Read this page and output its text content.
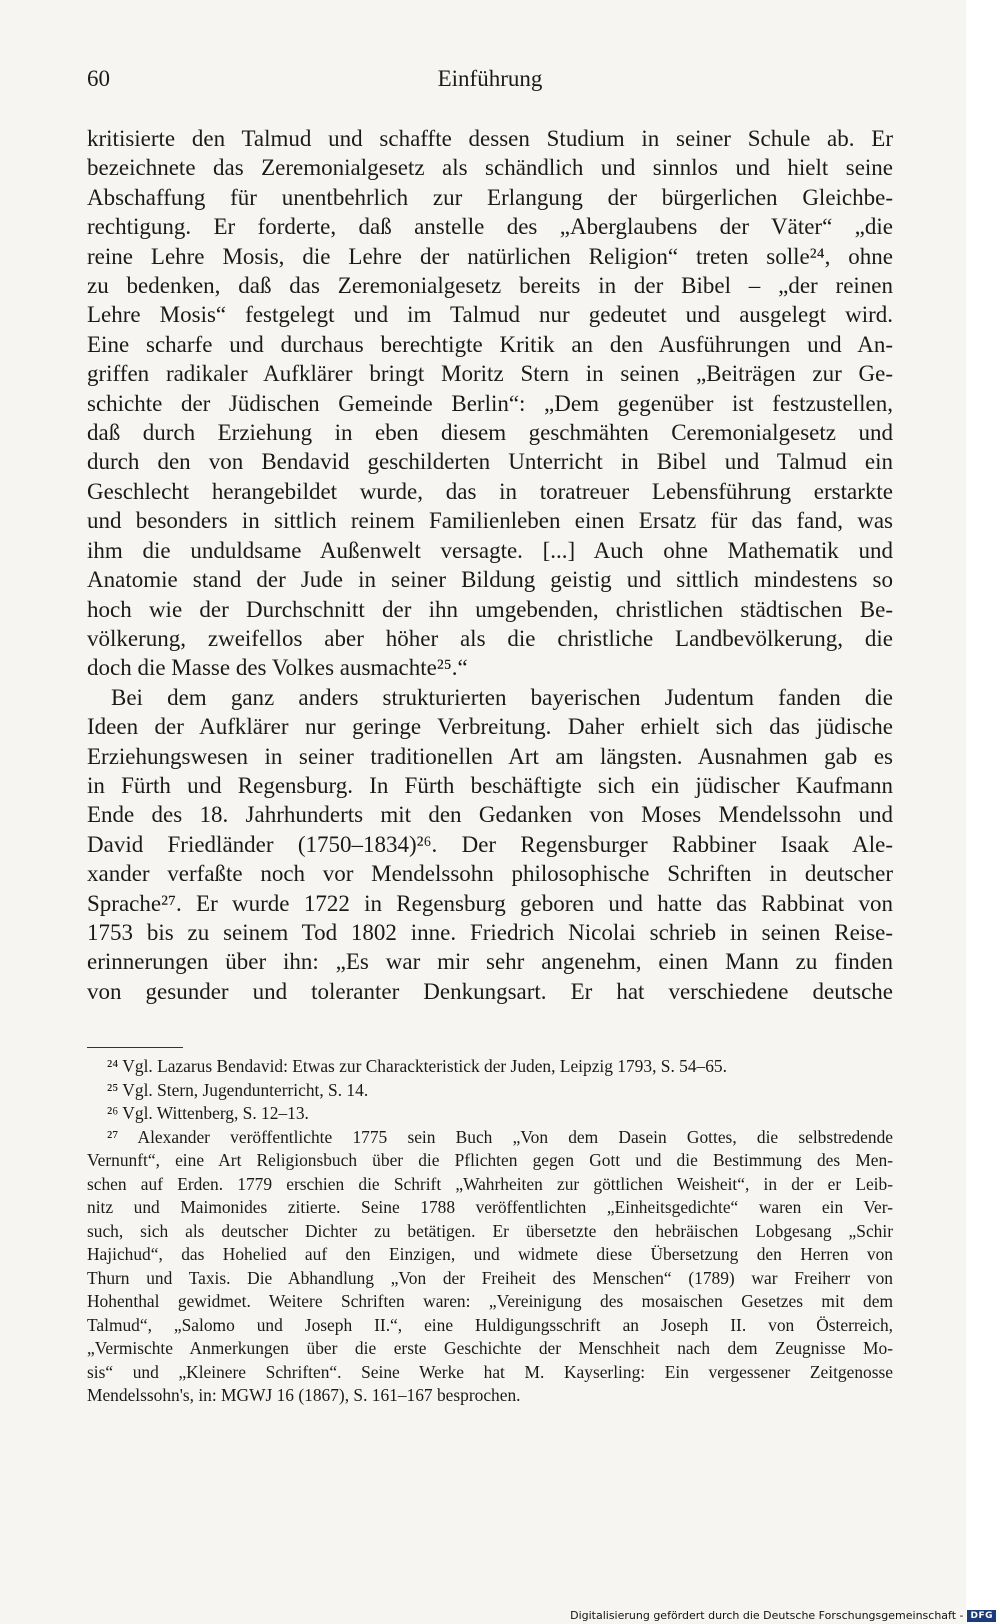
60	Einführung
kritisierte den Talmud und schaffte dessen Studium in seiner Schule ab. Er
bezeichnete das Zeremonialgesetz als schändlich und sinnlos und hielt seine
Abschaffung für unentbehrlich zur Erlangung der bürgerlichen Gleichbe-
rechtigung. Er forderte, daß anstelle des „Aberglaubens der Väter“ „die
reine Lehre Mosis, die Lehre der natürlichen Religion“ treten solle²⁴, ohne
zu bedenken, daß das Zeremonialgesetz bereits in der Bibel – „der reinen
Lehre Mosis“ festgelegt und im Talmud nur gedeutet und ausgelegt wird.
Eine scharfe und durchaus berechtigte Kritik an den Ausführungen und An-
griffen radikaler Aufklärer bringt Moritz Stern in seinen „Beiträgen zur Ge-
schichte der Jüdischen Gemeinde Berlin“: „Dem gegenüber ist festzustellen,
daß durch Erziehung in eben diesem geschmähten Ceremonialgesetz und
durch den von Bendavid geschilderten Unterricht in Bibel und Talmud ein
Geschlecht herangebildet wurde, das in toratreuer Lebensführung erstarkte
und besonders in sittlich reinem Familienleben einen Ersatz für das fand, was
ihm die unduldsame Außenwelt versagte. [...] Auch ohne Mathematik und
Anatomie stand der Jude in seiner Bildung geistig und sittlich mindestens so
hoch wie der Durchschnitt der ihn umgebenden, christlichen städtischen Be-
völkerung, zweifellos aber höher als die christliche Landbevölkerung, die
doch die Masse des Volkes ausmachte²⁵.“
Bei dem ganz anders strukturierten bayerischen Judentum fanden die
Ideen der Aufklärer nur geringe Verbreitung. Daher erhielt sich das jüdische
Erziehungswesen in seiner traditionellen Art am längsten. Ausnahmen gab es
in Fürth und Regensburg. In Fürth beschäftigte sich ein jüdischer Kaufmann
Ende des 18. Jahrhunderts mit den Gedanken von Moses Mendelssohn und
David Friedländer (1750–1834)²⁶. Der Regensburger Rabbiner Isaak Ale-
xander verfaßte noch vor Mendelssohn philosophische Schriften in deutscher
Sprache²⁷. Er wurde 1722 in Regensburg geboren und hatte das Rabbinat von
1753 bis zu seinem Tod 1802 inne. Friedrich Nicolai schrieb in seinen Reise-
erinnerungen über ihn: „Es war mir sehr angenehm, einen Mann zu finden
von gesunder und toleranter Denkungsart. Er hat verschiedene deutsche
²⁴ Vgl. Lazarus Bendavid: Etwas zur Charackteristick der Juden, Leipzig 1793, S. 54–65.
²⁵ Vgl. Stern, Jugendunterricht, S. 14.
²⁶ Vgl. Wittenberg, S. 12–13.
²⁷ Alexander veröffentlichte 1775 sein Buch „Von dem Dasein Gottes, die selbstredende
Vernunft“, eine Art Religionsbuch über die Pflichten gegen Gott und die Bestimmung des Men-
schen auf Erden. 1779 erschien die Schrift „Wahrheiten zur göttlichen Weisheit“, in der er Leib-
nitz und Maimonides zitierte. Seine 1788 veröffentlichten „Einheitsgedichte“ waren ein Ver-
such, sich als deutscher Dichter zu betätigen. Er übersetzte den hebräischen Lobgesang „Schir
Hajichud“, das Hohelied auf den Einzigen, und widmete diese Übersetzung den Herren von
Thurn und Taxis. Die Abhandlung „Von der Freiheit des Menschen“ (1789) war Freiherr von
Hohenthal gewidmet. Weitere Schriften waren: „Vereinigung des mosaischen Gesetzes mit dem
Talmud“, „Salomo und Joseph II.“, eine Huldigungsschrift an Joseph II. von Österreich,
„Vermischte Anmerkungen über die erste Geschichte der Menschheit nach dem Zeugnisse Mo-
sis“ und „Kleinere Schriften“. Seine Werke hat M. Kayserling: Ein vergessener Zeitgenosse
Mendelssohn's, in: MGWJ 16 (1867), S. 161–167 besprochen.
Digitalisierung gefördert durch die Deutsche Forschungsgemeinschaft - DFG
